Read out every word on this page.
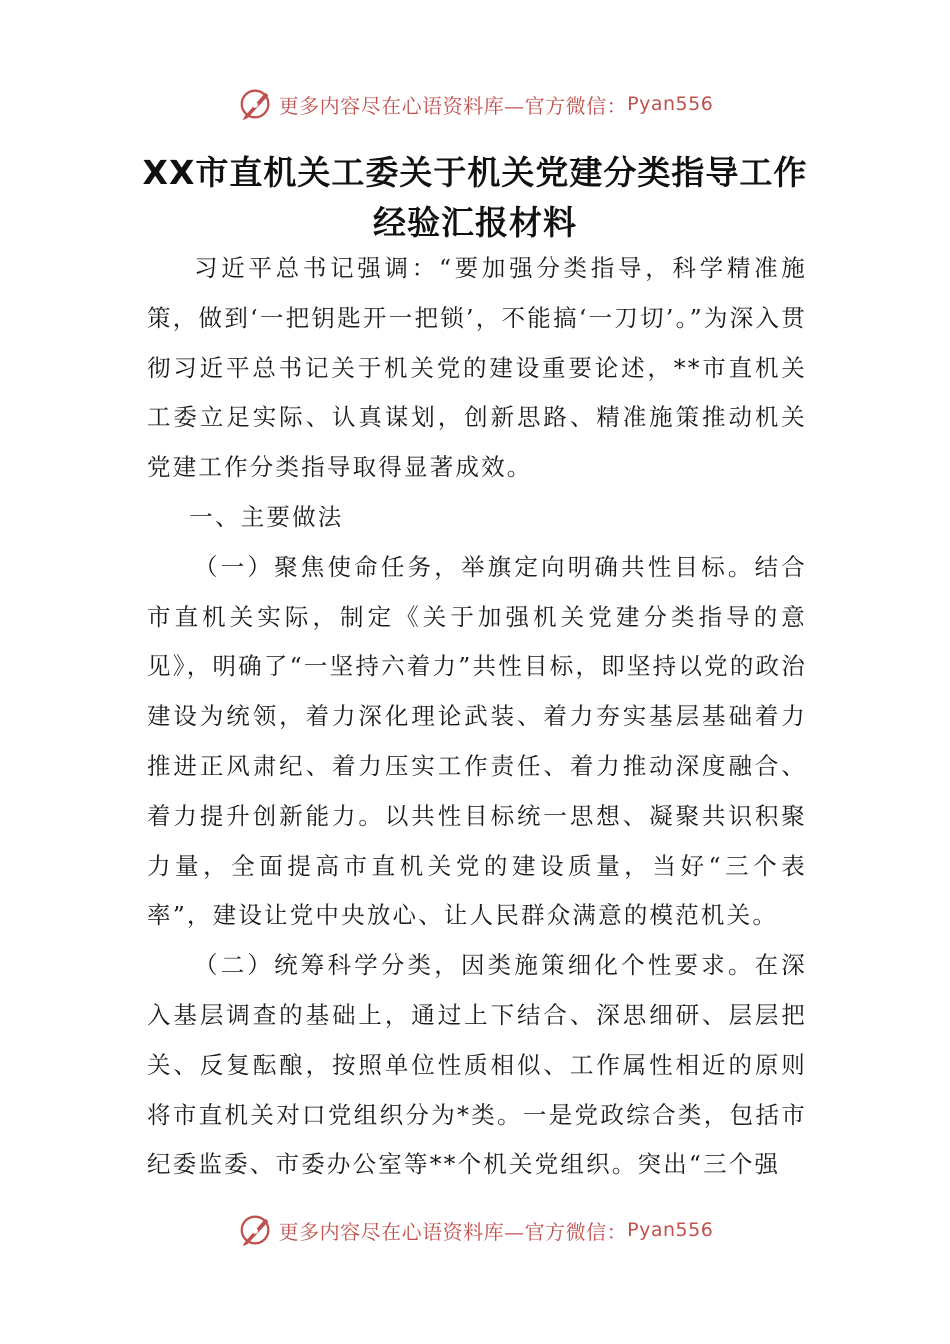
更多内容尽在心语资料库—官方微信： Pyan556
XX市直机关工委关于机关党建分类指导工作经验汇报材料

习近平总书记强调：“要加强分类指导，科学精准施策，做到‘一把钥匙开一把锁’，不能搞‘一刀切’。”为深入贯彻习近平总书记关于机关党的建设重要论述，**市直机关工委立足实际、认真谋划，创新思路、精准施策推动机关党建工作分类指导取得显著成效。

一、主要做法

（一）聚焦使命任务，举旗定向明确共性目标。结合市直机关实际，制定《关于加强机关党建分类指导的意见》，明确了“一坚持六着力”共性目标，即坚持以党的政治建设为统领，着力深化理论武装、着力夯实基层基础着力推进正风肃纪、着力压实工作责任、着力推动深度融合、着力提升创新能力。以共性目标统一思想、凝聚共识积聚力量，全面提高市直机关党的建设质量，当好“三个表率”，建设让党中央放心、让人民群众满意的模范机关。

（二）统筹科学分类，因类施策细化个性要求。在深入基层调查的基础上，通过上下结合、深思细研、层层把关、反复酝酿，按照单位性质相似、工作属性相近的原则将市直机关对口党组织分为*类。一是党政综合类，包括市纪委监委、市委办公室等**个机关党组织。突出“三个强

更多内容尽在心语资料库—官方微信： Pyan556
